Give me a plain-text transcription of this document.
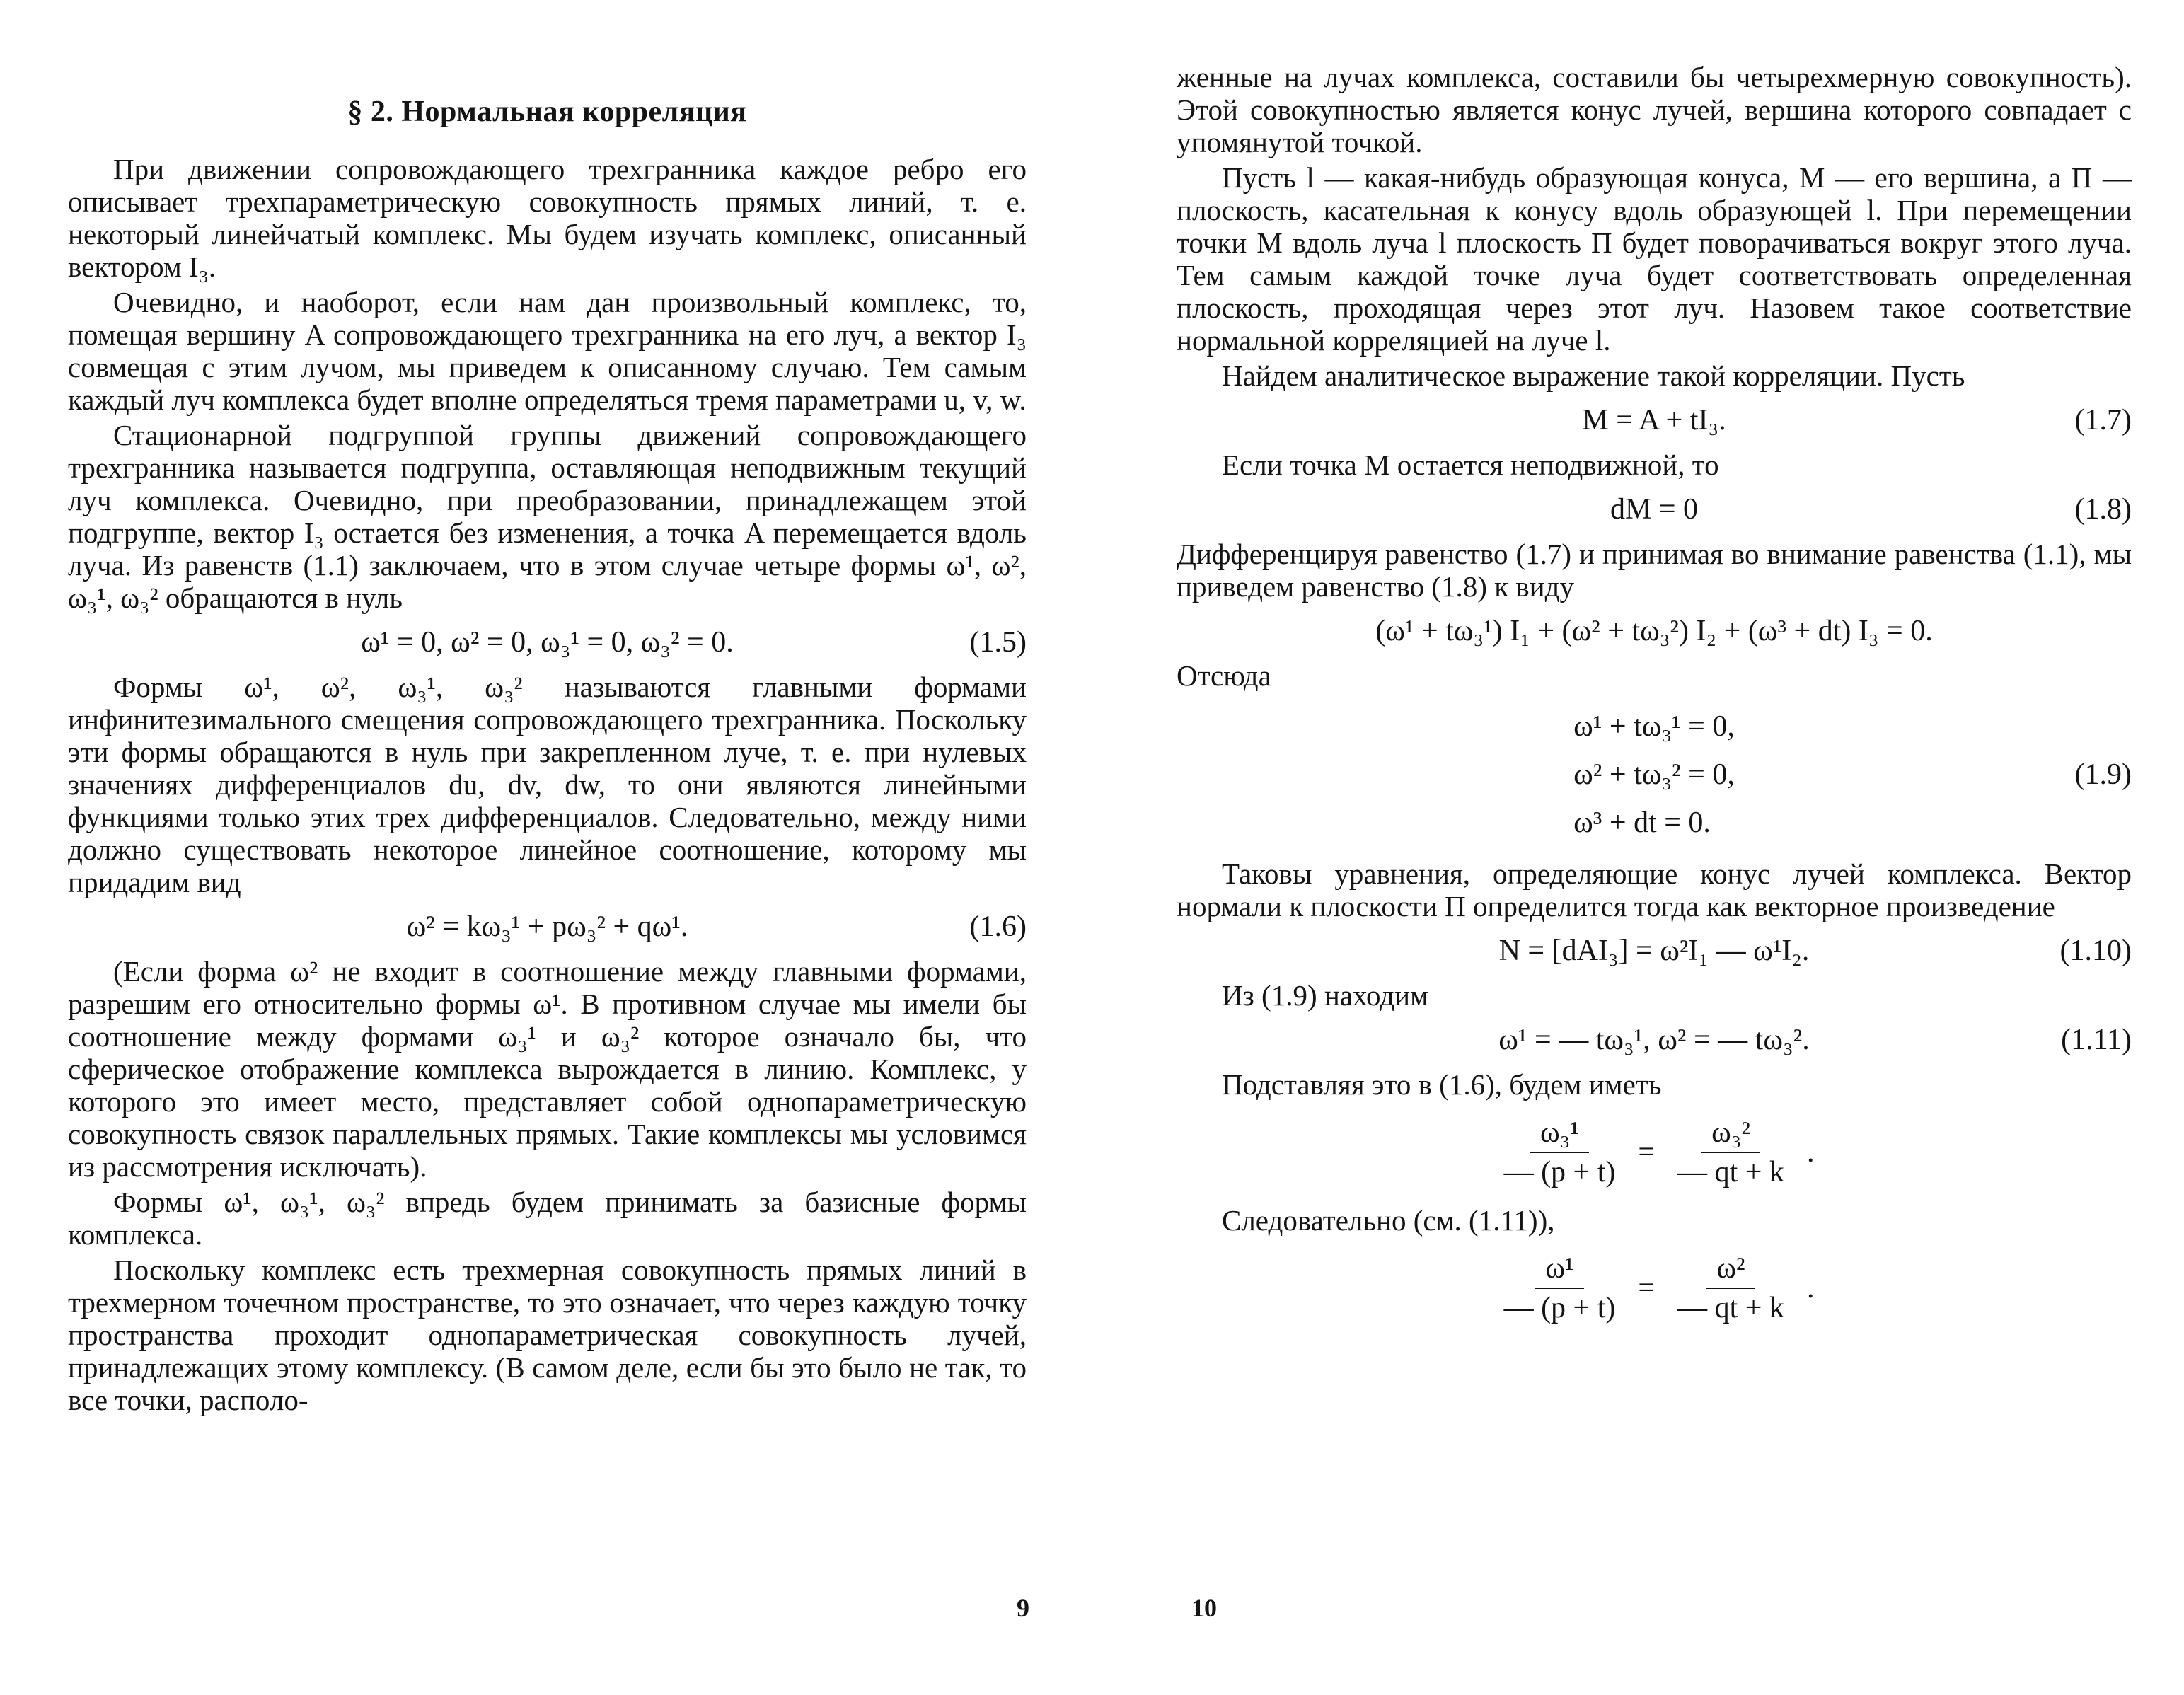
§ 2. Нормальная корреляция

При движении сопровождающего трехгранника каждое ребро его описывает трехпараметрическую совокупность прямых линий, т. е. некоторый линейчатый комплекс. Мы будем изучать комплекс, описанный вектором I₃.

Очевидно, и наоборот, если нам дан произвольный комплекс, то, помещая вершину A сопровождающего трехгранника на его луч, а вектор I₃ совмещая с этим лучом, мы приведем к описанному случаю. Тем самым каждый луч комплекса будет вполне определяться тремя параметрами u, v, w.

Стационарной подгруппой группы движений сопровождающего трехгранника называется подгруппа, оставляющая неподвижным текущий луч комплекса. Очевидно, при преобразовании, принадлежащем этой подгруппе, вектор I₃ остается без изменения, а точка A перемещается вдоль луча. Из равенств (1.1) заключаем, что в этом случае четыре формы ω¹, ω², ω₃¹, ω₃² обращаются в нуль

ω¹ = 0, ω² = 0, ω₃¹ = 0, ω₃² = 0.	(1.5)

Формы ω¹, ω², ω₃¹, ω₃² называются главными формами инфинитезимального смещения сопровождающего трехгранника. Поскольку эти формы обращаются в нуль при закрепленном луче, т. е. при нулевых значениях дифференциалов du, dv, dw, то они являются линейными функциями только этих трех дифференциалов. Следовательно, между ними должно существовать некоторое линейное соотношение, которому мы придадим вид

ω² = kω₃¹ + pω₃² + qω¹.	(1.6)

(Если форма ω² не входит в соотношение между главными формами, разрешим его относительно формы ω¹. В противном случае мы имели бы соотношение между формами ω₃¹ и ω₃² которое означало бы, что сферическое отображение комплекса вырождается в линию. Комплекс, у которого это имеет место, представляет собой однопараметрическую совокупность связок параллельных прямых. Такие комплексы мы условимся из рассмотрения исключать).

Формы ω¹, ω₃¹, ω₃² впредь будем принимать за базисные формы комплекса.

Поскольку комплекс есть трехмерная совокупность прямых линий в трехмерном точечном пространстве, то это означает, что через каждую точку пространства проходит однопараметрическая совокупность лучей, принадлежащих этому комплексу. (В самом деле, если бы это было не так, то все точки, располо-

9

женные на лучах комплекса, составили бы четырехмерную совокупность). Этой совокупностью является конус лучей, вершина которого совпадает с упомянутой точкой.

Пусть l — какая-нибудь образующая конуса, M — его вершина, а П — плоскость, касательная к конусу вдоль образующей l. При перемещении точки M вдоль луча l плоскость П будет поворачиваться вокруг этого луча. Тем самым каждой точке луча будет соответствовать определенная плоскость, проходящая через этот луч. Назовем такое соответствие нормальной корреляцией на луче l.

Найдем аналитическое выражение такой корреляции. Пусть

M = A + tI₃.	(1.7)

Если точка M остается неподвижной, то

dM = 0	(1.8)

Дифференцируя равенство (1.7) и принимая во внимание равенства (1.1), мы приведем равенство (1.8) к виду

(ω¹ + tω₃¹) I₁ + (ω² + tω₃²) I₂ + (ω³ + dt) I₃ = 0.

Отсюда

ω¹ + tω₃¹ = 0,
ω² + tω₃² = 0,
ω³ + dt = 0.
(1.9)

Таковы уравнения, определяющие конус лучей комплекса. Вектор нормали к плоскости П определится тогда как векторное произведение

N = [dAI₃] = ω²I₁ — ω¹I₂.	(1.10)

Из (1.9) находим

ω¹ = — tω₃¹, ω² = — tω₃².	(1.11)

Подставляя это в (1.6), будем иметь

$\frac{\text{ω₃¹}}{— (p + t)} = \frac{\text{ω₃²}}{— qt + k}$ .

Следовательно (см. (1.11)),

$\frac{\text{ω¹}}{— (p + t)} = \frac{\text{ω²}}{— qt + k}$ .
10
